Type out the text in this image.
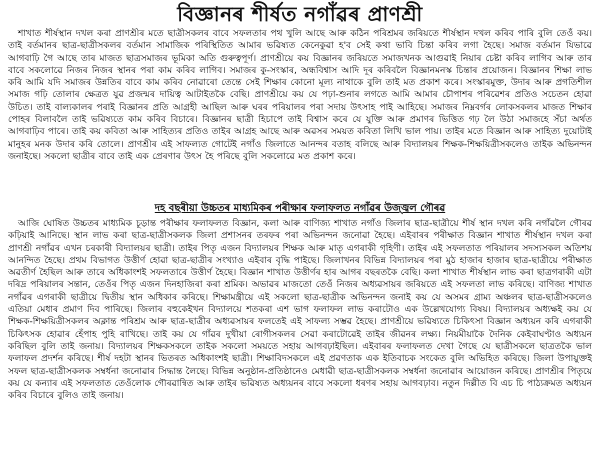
বিজ্ঞানৰ শীৰ্ষত নগাঁৱৰ প্ৰাণশ্ৰী

শাখাত শীৰ্ষস্থান দখল কৰা প্ৰাণশ্ৰীৰ মতে ছাত্ৰীসকলৰ বাবে সফলতাৰ পথ খুলি আছে আৰু কঠিন পৰিশ্ৰমৰ জৰিয়তে শীৰ্ষস্থান দখল কৰিব পাৰি বুলি তেওঁ কয়। তাই বৰ্তমানৰ ছাত্ৰ-ছাত্ৰীসকলৰ বৰ্তমান সামাজিক পৰিস্থিতিত আমাৰ ভৱিষ্যত কেনেকুৱা হ'ব সেই কথা ভাবি চিন্তা কৰিব লগা হৈছে। সমাজ বৰ্তমান যিভাৱে আগবাঢ়ি গৈ আছে তাৰ মাজত ছাত্ৰসমাজৰ ভূমিকা অতি গুৰুত্বপূৰ্ণ। প্ৰাণশ্ৰীয়ে কয় বিজ্ঞানৰ জৰিয়তে সমাজখনক আগুৱাই নিয়াৰ চেষ্টা কৰিব লাগিব আৰু তাৰ বাবে সকলোৱে নিজৰ নিজৰ স্থানৰ পৰা কাম কৰিব লাগিব। সমাজৰ কু-সংস্কাৰ, অন্ধবিশ্বাস আদি দূৰ কৰিবলৈ বিজ্ঞানমনস্ক চিন্তাৰ প্ৰয়োজন। বিজ্ঞানৰ শিক্ষা লাভ কৰি আমি যদি সমাজৰ উন্নতিৰ বাবে কাম কৰিব নোৱাৰো তেন্তে সেই শিক্ষাৰ কোনো মূল্য নাথাকে বুলি তাই মত প্ৰকাশ কৰে। সংস্কাৰমুক্ত, উদাৰ আৰু প্ৰগতিশীল সমাজ গঢ়ি তোলাৰ ক্ষেত্ৰত যুৱ প্ৰজন্মৰ দায়িত্ব আটাইতকৈ বেছি। প্ৰাণশ্ৰীয়ে কয় যে পঢ়া-শুনাৰ লগতে আমি আমাৰ চৌপাশৰ পৰিৱেশৰ প্ৰতিও সচেতন হোৱা উচিত। তাই বাল্যকালৰ পৰাই বিজ্ঞানৰ প্ৰতি আগ্ৰহী আছিল আৰু ঘৰৰ পৰিয়ালৰ পৰা সদায় উৎসাহ পাই আহিছে। সমাজৰ নিম্নবৰ্গৰ লোকসকলৰ মাজত শিক্ষাৰ পোহৰ বিলাবলৈ তাই ভৱিষ্যতে কাম কৰিব বিচাৰে। বিজ্ঞানৰ ছাত্ৰী হিচাপে তাই বিশ্বাস কৰে যে যুক্তি আৰু প্ৰমাণৰ ভিত্তিত গঢ় লৈ উঠা সমাজহে সঁচা অৰ্থত আগবাঢ়িব পাৰে। তাই কয় কবিতা আৰু সাহিত্যৰ প্ৰতিও তাইৰ আগ্ৰহ আছে আৰু অৱসৰ সময়ত কবিতা লিখি ভাল পায়। তাইৰ মতে বিজ্ঞান আৰু সাহিত্য দুয়োটাই মানুহৰ মনক উদাৰ কৰি তোলে। প্ৰাণশ্ৰীৰ এই সাফল্যত গোটেই নগাঁও জিলাতে আনন্দৰ বতাহ বলিছে আৰু বিদ্যালয়ৰ শিক্ষক-শিক্ষয়িত্ৰীসকলেও তাইক অভিনন্দন জনাইছে। সকলো ছাত্ৰীৰ বাবে তাই এক প্ৰেৰণাৰ উৎস হৈ পৰিছে বুলি সকলোৱে মত প্ৰকাশ কৰে।

দহ বছৰীয়া উচ্চতৰ মাধ্যমিকৰ পৰীক্ষাৰ ফলাফলত নগাঁৱৰ উজ্জ্বল গৌৰৱ

আজি ঘোষিত উচ্চতৰ মাধ্যমিক চূড়ান্ত পৰীক্ষাৰ ফলাফলত বিজ্ঞান, কলা আৰু বাণিজ্য শাখাত নগাঁও জিলাৰ ছাত্ৰ-ছাত্ৰীয়ে শীৰ্ষ স্থান দখল কৰি নগাঁৱলৈ গৌৰৱ কঢ়িয়াই আনিছে। স্থান লাভ কৰা ছাত্ৰ-ছাত্ৰীসকলক জিলা প্ৰশাসনৰ তৰফৰ পৰা অভিনন্দন জনোৱা হৈছে। এইবাৰৰ পৰীক্ষাত বিজ্ঞান শাখাত শীৰ্ষস্থান দখল কৰা প্ৰাণশ্ৰী নগাঁৱৰ এখন চৰকাৰী বিদ্যালয়ৰ ছাত্ৰী। তাইৰ পিতৃ এজন বিদ্যালয়ৰ শিক্ষক আৰু মাতৃ এগৰাকী গৃহিণী। তাইৰ এই সফলতাত পৰিয়ালৰ সদস্যসকল অতিশয় আনন্দিত হৈছে। প্ৰথম বিভাগত উত্তীৰ্ণ হোৱা ছাত্ৰ-ছাত্ৰীৰ সংখ্যাও এইবাৰ বৃদ্ধি পাইছে। জিলাখনৰ বিভিন্ন বিদ্যালয়ৰ পৰা মুঠ হাজাৰ হাজাৰ ছাত্ৰ-ছাত্ৰীয়ে পৰীক্ষাত অৱতীৰ্ণ হৈছিল আৰু তাৰে অধিকাংশই সফলতাৰে উত্তীৰ্ণ হৈছে। বিজ্ঞান শাখাত উত্তীৰ্ণৰ হাৰ আগৰ বছৰতকৈ বেছি। কলা শাখাত শীৰ্ষস্থান লাভ কৰা ছাত্ৰগৰাকী এটা দৰিদ্ৰ পৰিয়ালৰ সন্তান, তেওঁৰ পিতৃ এজন দিনহাজিৰা কৰা শ্ৰমিক। অভাৱৰ মাজতো তেওঁ নিজৰ অধ্যৱসায়ৰ জৰিয়তে এই সফলতা লাভ কৰিছে। বাণিজ্য শাখাত নগাঁৱৰ এগৰাকী ছাত্ৰীয়ে দ্বিতীয় স্থান অধিকাৰ কৰিছে। শিক্ষামন্ত্ৰীয়ে এই সকলো ছাত্ৰ-ছাত্ৰীক অভিনন্দন জনাই কয় যে অসমৰ গ্ৰাম্য অঞ্চলৰ ছাত্ৰ-ছাত্ৰীসকলেও এতিয়া মেধাৰ প্ৰমাণ দিব পাৰিছে। জিলাৰ বহুকেইখন বিদ্যালয়ে শতকৰা এশ ভাগ ফলাফল লাভ কৰাটোও এক উল্লেখযোগ্য বিষয়। বিদ্যালয়ৰ অধ্যক্ষই কয় যে শিক্ষক-শিক্ষয়িত্ৰীসকলৰ অক্লান্ত পৰিশ্ৰম আৰু ছাত্ৰ-ছাত্ৰীৰ অধ্যৱসায়ৰ ফলতেই এই সাফল্য সম্ভৱ হৈছে। প্ৰাণশ্ৰীয়ে ভৱিষ্যতে চিকিৎসা বিজ্ঞান অধ্যয়ন কৰি এগৰাকী চিকিৎসক হোৱাৰ হেঁপাহ পুহি ৰাখিছে। তাই কয় যে গাঁৱৰ দুখীয়া ৰোগীসকলৰ সেৱা কৰাটোৱেই তাইৰ জীৱনৰ লক্ষ্য। নিয়মীয়াকৈ দৈনিক কেইবাঘণ্টাও অধ্যয়ন কৰিছিল বুলি তাই জনায়। বিদ্যালয়ৰ শিক্ষকসকলে তাইক সকলো সময়তে সহায় আগবঢ়াইছিল। এইবাৰৰ ফলাফলত দেখা গৈছে যে ছাত্ৰীসকলে ছাত্ৰতকৈ ভাল ফলাফল প্ৰদৰ্শন কৰিছে। শীৰ্ষ দহটা স্থানৰ ভিতৰত অধিকাংশই ছাত্ৰী। শিক্ষাবিদসকলে এই প্ৰৱণতাক এক ইতিবাচক সংকেত বুলি অভিহিত কৰিছে। জিলা উপায়ুক্তই সফল ছাত্ৰ-ছাত্ৰীসকলক সম্বৰ্ধনা জনোৱাৰ সিদ্ধান্ত লৈছে। বিভিন্ন অনুষ্ঠান-প্ৰতিষ্ঠানেও মেধাৱী ছাত্ৰ-ছাত্ৰীসকলক সম্বৰ্ধনা জনোৱাৰ আয়োজন কৰিছে। প্ৰাণশ্ৰীৰ পিতৃয়ে কয় যে কন্যাৰ এই সফলতাত তেওঁলোক গৌৰৱান্বিত আৰু তাইৰ ভৱিষ্যত অধ্যয়নৰ বাবে সকলো ধৰণৰ সহায় আগবঢ়াব। নতুন দিল্লীত বি এচ চি পাঠ্যক্ৰমত অধ্যয়ন কৰিব বিচাৰে বুলিও তাই জনায়।
